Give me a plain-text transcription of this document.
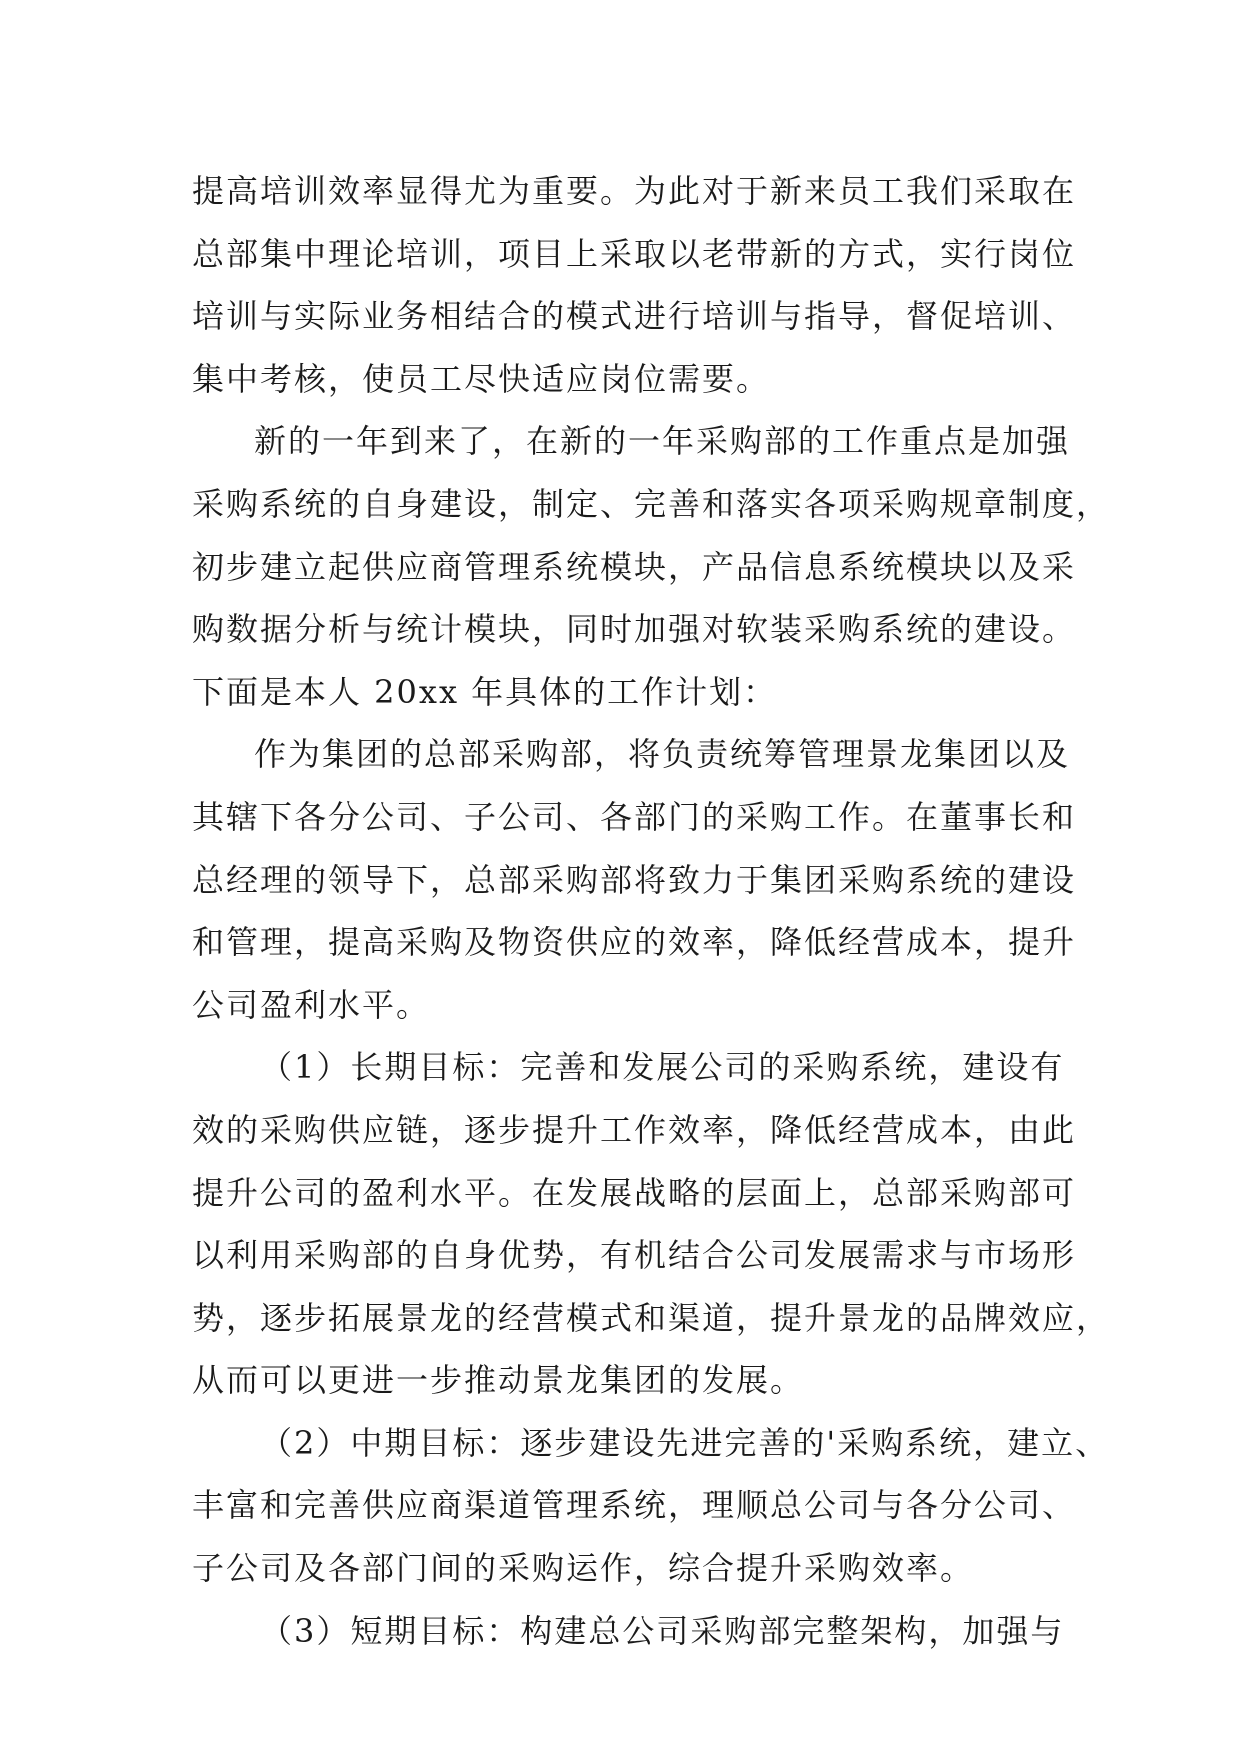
提高培训效率显得尤为重要。为此对于新来员工我们采取在
总部集中理论培训，项目上采取以老带新的方式，实行岗位
培训与实际业务相结合的模式进行培训与指导，督促培训、
集中考核，使员工尽快适应岗位需要。
新的一年到来了，在新的一年采购部的工作重点是加强
采购系统的自身建设，制定、完善和落实各项采购规章制度，
初步建立起供应商管理系统模块，产品信息系统模块以及采
购数据分析与统计模块，同时加强对软装采购系统的建设。
下面是本人 20xx 年具体的工作计划：
作为集团的总部采购部，将负责统筹管理景龙集团以及
其辖下各分公司、子公司、各部门的采购工作。在董事长和
总经理的领导下，总部采购部将致力于集团采购系统的建设
和管理，提高采购及物资供应的效率，降低经营成本，提升
公司盈利水平。
（1）长期目标：完善和发展公司的采购系统，建设有
效的采购供应链，逐步提升工作效率，降低经营成本，由此
提升公司的盈利水平。在发展战略的层面上，总部采购部可
以利用采购部的自身优势，有机结合公司发展需求与市场形
势，逐步拓展景龙的经营模式和渠道，提升景龙的品牌效应，
从而可以更进一步推动景龙集团的发展。
（2）中期目标：逐步建设先进完善的'采购系统，建立、
丰富和完善供应商渠道管理系统，理顺总公司与各分公司、
子公司及各部门间的采购运作，综合提升采购效率。
（3）短期目标：构建总公司采购部完整架构，加强与
